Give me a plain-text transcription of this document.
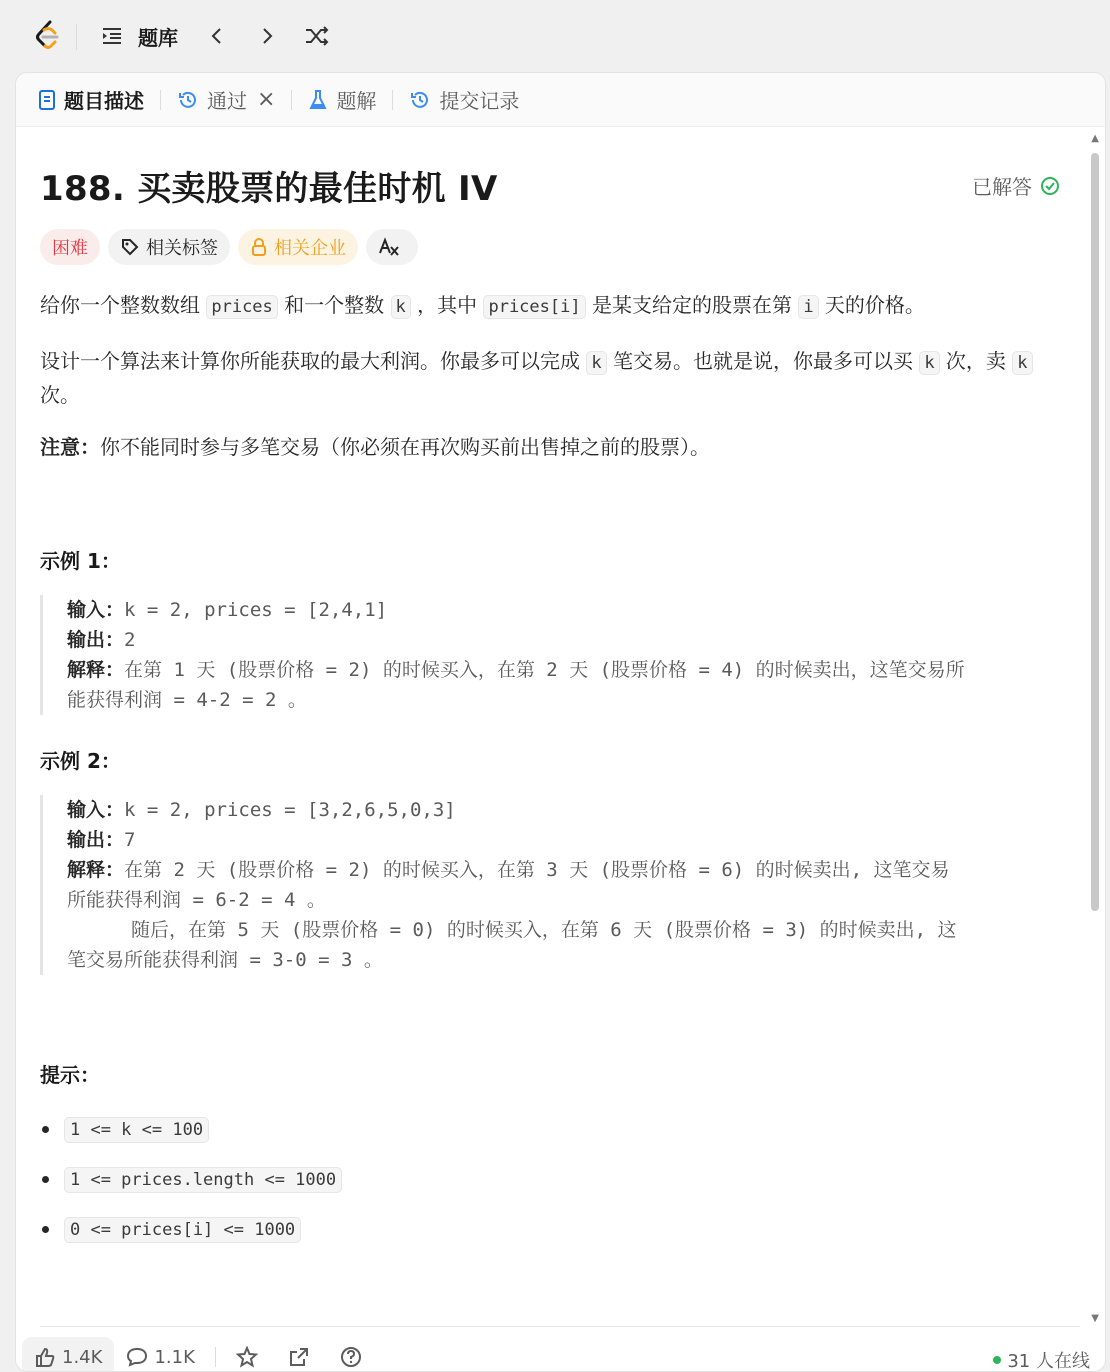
题库
题目描述	通过 ×	题解	提交记录
188. 买卖股票的最佳时机 IV	已解答
困难	相关标签	相关企业
给你一个整数数组 prices 和一个整数 k ，其中 prices[i] 是某支给定的股票在第 i 天的价格。
设计一个算法来计算你所能获取的最大利润。你最多可以完成 k 笔交易。也就是说，你最多可以买 k 次，卖 k 次。
注意：你不能同时参与多笔交易（你必须在再次购买前出售掉之前的股票）。
示例 1：
输入：k = 2, prices = [2,4,1]
输出：2
解释：在第 1 天 (股票价格 = 2) 的时候买入，在第 2 天 (股票价格 = 4) 的时候卖出，这笔交易所
能获得利润 = 4-2 = 2 。
示例 2：
输入：k = 2, prices = [3,2,6,5,0,3]
输出：7
解释：在第 2 天 (股票价格 = 2) 的时候买入，在第 3 天 (股票价格 = 6) 的时候卖出, 这笔交易
所能获得利润 = 6-2 = 4 。
随后，在第 5 天 (股票价格 = 0) 的时候买入，在第 6 天 (股票价格 = 3) 的时候卖出, 这
笔交易所能获得利润 = 3-0 = 3 。
提示：
1 <= k <= 100
1 <= prices.length <= 1000
0 <= prices[i] <= 1000
▲
▼
1.4K	1.1K	31 人在线
